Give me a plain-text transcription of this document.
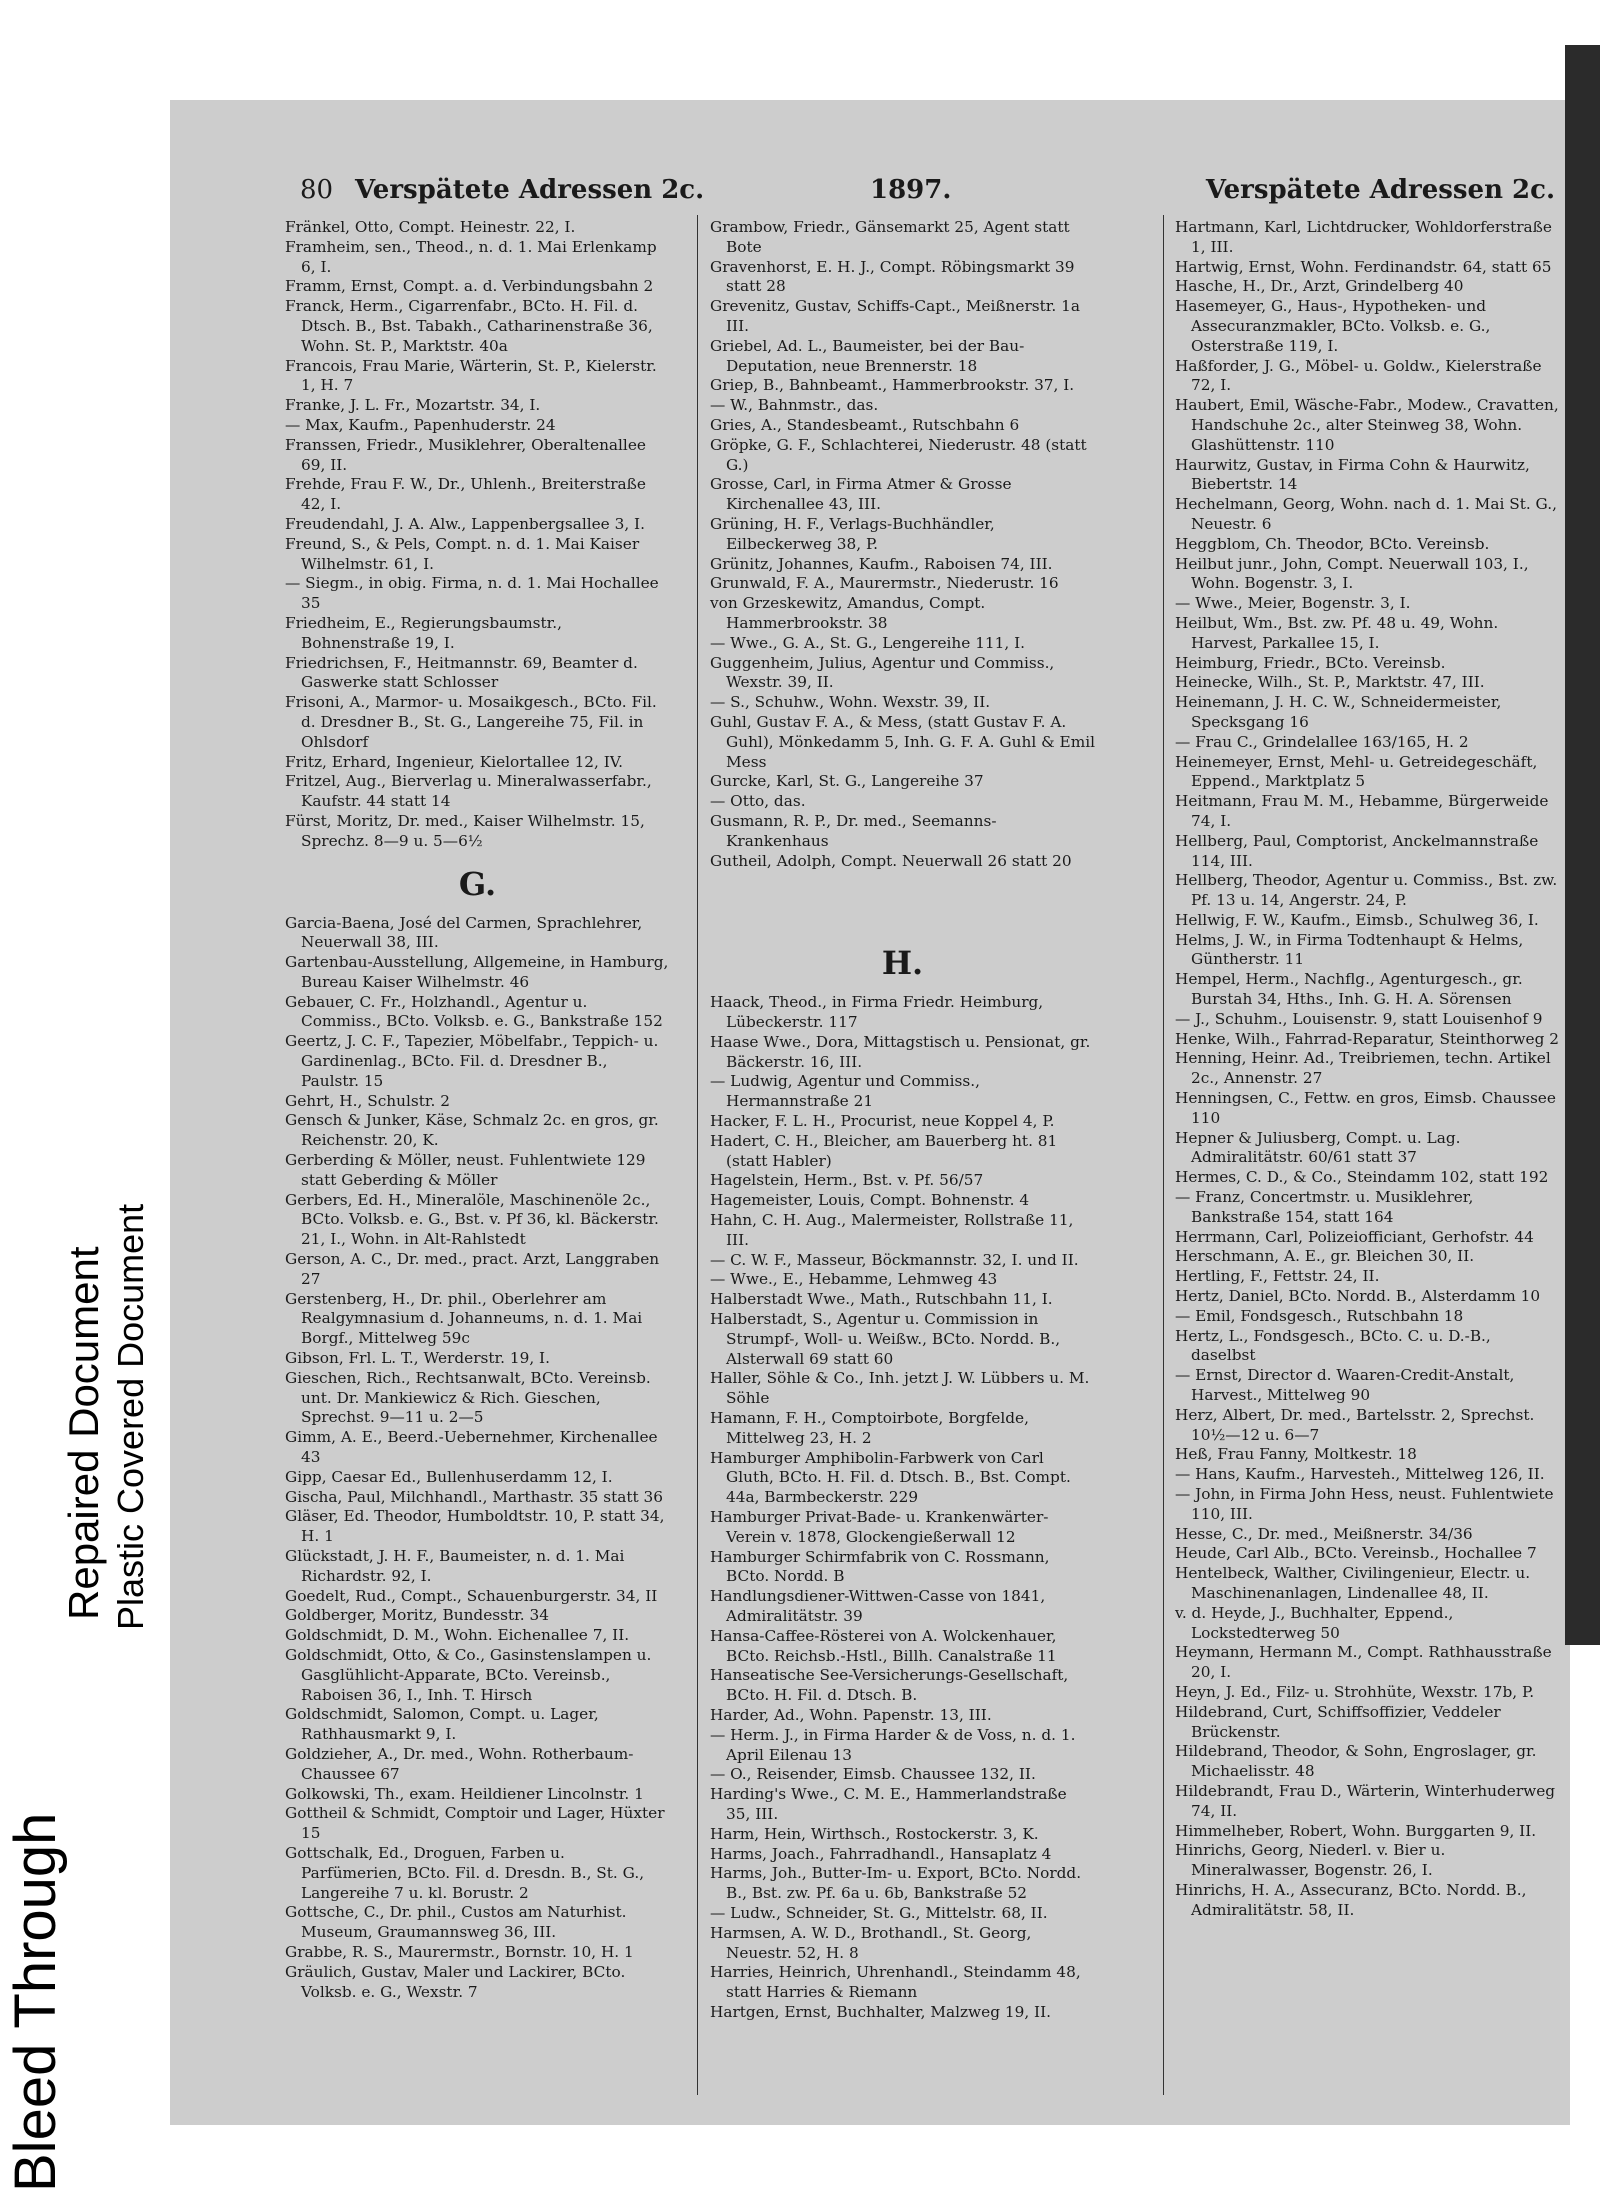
Bleed Through
Repaired Document Plastic Covered Document
80 Verspätete Adressen 2c.	1897.	Verspätete Adressen 2c.
Fränkel, Otto, Compt. Heinestr. 22, I.
Framheim, sen., Theod., n. d. 1. Mai Erlenkamp 6, I.
Framm, Ernst, Compt. a. d. Verbindungsbahn 2
Franck, Herm., Cigarrenfabr., BCto. H. Fil. d. Dtsch. B., Bst. Tabakh., Catharinenstraße 36, Wohn. St. P., Marktstr. 40a
Francois, Frau Marie, Wärterin, St. P., Kielerstr. 1, H. 7
Franke, J. L. Fr., Mozartstr. 34, I.
— Max, Kaufm., Papenhuderstr. 24
Franssen, Friedr., Musiklehrer, Oberaltenallee 69, II.
Frehde, Frau F. W., Dr., Uhlenh., Breiterstraße 42, I.
Freudendahl, J. A. Alw., Lappenbergsallee 3, I.
Freund, S., & Pels, Compt. n. d. 1. Mai Kaiser Wilhelmstr. 61, I.
— Siegm., in obig. Firma, n. d. 1. Mai Hochallee 35
Friedheim, E., Regierungsbaumstr., Bohnenstraße 19, I.
Friedrichsen, F., Heitmannstr. 69, Beamter d. Gaswerke statt Schlosser
Frisoni, A., Marmor- u. Mosaikgesch., BCto. Fil. d. Dresdner B., St. G., Langereihe 75, Fil. in Ohlsdorf
Fritz, Erhard, Ingenieur, Kielortallee 12, IV.
Fritzel, Aug., Bierverlag u. Mineralwasserfabr., Kaufstr. 44 statt 14
Fürst, Moritz, Dr. med., Kaiser Wilhelmstr. 15, Sprechz. 8—9 u. 5—6½
G.
Garcia-Baena, José del Carmen, Sprachlehrer, Neuerwall 38, III.
Gartenbau-Ausstellung, Allgemeine, in Hamburg, Bureau Kaiser Wilhelmstr. 46
Gebauer, C. Fr., Holzhandl., Agentur u. Commiss., BCto. Volksb. e. G., Bankstraße 152
Geertz, J. C. F., Tapezier, Möbelfabr., Teppich- u. Gardinenlag., BCto. Fil. d. Dresdner B., Paulstr. 15
Gehrt, H., Schulstr. 2
Gensch & Junker, Käse, Schmalz 2c. en gros, gr. Reichenstr. 20, K.
Gerberding & Möller, neust. Fuhlentwiete 129 statt Geberding & Möller
Gerbers, Ed. H., Mineralöle, Maschinenöle 2c., BCto. Volksb. e. G., Bst. v. Pf 36, kl. Bäckerstr. 21, I., Wohn. in Alt-Rahlstedt
Gerson, A. C., Dr. med., pract. Arzt, Langgraben 27
Gerstenberg, H., Dr. phil., Oberlehrer am Realgymnasium d. Johanneums, n. d. 1. Mai Borgf., Mittelweg 59c
Gibson, Frl. L. T., Werderstr. 19, I.
Gieschen, Rich., Rechtsanwalt, BCto. Vereinsb. unt. Dr. Mankiewicz & Rich. Gieschen, Sprechst. 9—11 u. 2—5
Gimm, A. E., Beerd.-Uebernehmer, Kirchenallee 43
Gipp, Caesar Ed., Bullenhuserdamm 12, I.
Gischa, Paul, Milchhandl., Marthastr. 35 statt 36
Gläser, Ed. Theodor, Humboldtstr. 10, P. statt 34, H. 1
Glückstadt, J. H. F., Baumeister, n. d. 1. Mai Richardstr. 92, I.
Goedelt, Rud., Compt., Schauenburgerstr. 34, II
Goldberger, Moritz, Bundesstr. 34
Goldschmidt, D. M., Wohn. Eichenallee 7, II.
Goldschmidt, Otto, & Co., Gasinstenslampen u. Gasglühlicht-Apparate, BCto. Vereinsb., Raboisen 36, I., Inh. T. Hirsch
Goldschmidt, Salomon, Compt. u. Lager, Rathhausmarkt 9, I.
Goldzieher, A., Dr. med., Wohn. Rotherbaum-Chaussee 67
Golkowski, Th., exam. Heildiener Lincolnstr. 1
Gottheil & Schmidt, Comptoir und Lager, Hüxter 15
Gottschalk, Ed., Droguen, Farben u. Parfümerien, BCto. Fil. d. Dresdn. B., St. G., Langereihe 7 u. kl. Borustr. 2
Gottsche, C., Dr. phil., Custos am Naturhist. Museum, Graumannsweg 36, III.
Grabbe, R. S., Maurermstr., Bornstr. 10, H. 1
Gräulich, Gustav, Maler und Lackirer, BCto. Volksb. e. G., Wexstr. 7
Grambow, Friedr., Gänsemarkt 25, Agent statt Bote
Gravenhorst, E. H. J., Compt. Röbingsmarkt 39 statt 28
Grevenitz, Gustav, Schiffs-Capt., Meißnerstr. 1a III.
Griebel, Ad. L., Baumeister, bei der Bau-Deputation, neue Brennerstr. 18
Griep, B., Bahnbeamt., Hammerbrookstr. 37, I.
— W., Bahnmstr., das.
Gries, A., Standesbeamt., Rutschbahn 6
Gröpke, G. F., Schlachterei, Niederustr. 48 (statt G.)
Grosse, Carl, in Firma Atmer & Grosse Kirchenallee 43, III.
Grüning, H. F., Verlags-Buchhändler, Eilbeckerweg 38, P.
Grünitz, Johannes, Kaufm., Raboisen 74, III.
Grunwald, F. A., Maurermstr., Niederustr. 16
von Grzeskewitz, Amandus, Compt. Hammerbrookstr. 38
— Wwe., G. A., St. G., Lengereihe 111, I.
Guggenheim, Julius, Agentur und Commiss., Wexstr. 39, II.
— S., Schuhw., Wohn. Wexstr. 39, II.
Guhl, Gustav F. A., & Mess, (statt Gustav F. A. Guhl), Mönkedamm 5, Inh. G. F. A. Guhl & Emil Mess
Gurcke, Karl, St. G., Langereihe 37
— Otto, das.
Gusmann, R. P., Dr. med., Seemanns-Krankenhaus
Gutheil, Adolph, Compt. Neuerwall 26 statt 20
H.
Haack, Theod., in Firma Friedr. Heimburg, Lübeckerstr. 117
Haase Wwe., Dora, Mittagstisch u. Pensionat, gr. Bäckerstr. 16, III.
— Ludwig, Agentur und Commiss., Hermannstraße 21
Hacker, F. L. H., Procurist, neue Koppel 4, P.
Hadert, C. H., Bleicher, am Bauerberg ht. 81 (statt Habler)
Hagelstein, Herm., Bst. v. Pf. 56/57
Hagemeister, Louis, Compt. Bohnenstr. 4
Hahn, C. H. Aug., Malermeister, Rollstraße 11, III.
— C. W. F., Masseur, Böckmannstr. 32, I. und II.
— Wwe., E., Hebamme, Lehmweg 43
Halberstadt Wwe., Math., Rutschbahn 11, I.
Halberstadt, S., Agentur u. Commission in Strumpf-, Woll- u. Weißw., BCto. Nordd. B., Alsterwall 69 statt 60
Haller, Söhle & Co., Inh. jetzt J. W. Lübbers u. M. Söhle
Hamann, F. H., Comptoirbote, Borgfelde, Mittelweg 23, H. 2
Hamburger Amphibolin-Farbwerk von Carl Gluth, BCto. H. Fil. d. Dtsch. B., Bst. Compt. 44a, Barmbeckerstr. 229
Hamburger Privat-Bade- u. Krankenwärter-Verein v. 1878, Glockengießerwall 12
Hamburger Schirmfabrik von C. Rossmann, BCto. Nordd. B
Handlungsdiener-Wittwen-Casse von 1841, Admiralitätstr. 39
Hansa-Caffee-Rösterei von A. Wolckenhauer, BCto. Reichsb.-Hstl., Billh. Canalstraße 11
Hanseatische See-Versicherungs-Gesellschaft, BCto. H. Fil. d. Dtsch. B.
Harder, Ad., Wohn. Papenstr. 13, III.
— Herm. J., in Firma Harder & de Voss, n. d. 1. April Eilenau 13
— O., Reisender, Eimsb. Chaussee 132, II.
Harding's Wwe., C. M. E., Hammerlandstraße 35, III.
Harm, Hein, Wirthsch., Rostockerstr. 3, K.
Harms, Joach., Fahrradhandl., Hansaplatz 4
Harms, Joh., Butter-Im- u. Export, BCto. Nordd. B., Bst. zw. Pf. 6a u. 6b, Bankstraße 52
— Ludw., Schneider, St. G., Mittelstr. 68, II.
Harmsen, A. W. D., Brothandl., St. Georg, Neuestr. 52, H. 8
Harries, Heinrich, Uhrenhandl., Steindamm 48, statt Harries & Riemann
Hartgen, Ernst, Buchhalter, Malzweg 19, II.
Hartmann, Karl, Lichtdrucker, Wohldorferstraße 1, III.
Hartwig, Ernst, Wohn. Ferdinandstr. 64, statt 65
Hasche, H., Dr., Arzt, Grindelberg 40
Hasemeyer, G., Haus-, Hypotheken- und Assecuranzmakler, BCto. Volksb. e. G., Osterstraße 119, I.
Haßforder, J. G., Möbel- u. Goldw., Kielerstraße 72, I.
Haubert, Emil, Wäsche-Fabr., Modew., Cravatten, Handschuhe 2c., alter Steinweg 38, Wohn. Glashüttenstr. 110
Haurwitz, Gustav, in Firma Cohn & Haurwitz, Biebertstr. 14
Hechelmann, Georg, Wohn. nach d. 1. Mai St. G., Neuestr. 6
Heggblom, Ch. Theodor, BCto. Vereinsb.
Heilbut junr., John, Compt. Neuerwall 103, I., Wohn. Bogenstr. 3, I.
— Wwe., Meier, Bogenstr. 3, I.
Heilbut, Wm., Bst. zw. Pf. 48 u. 49, Wohn. Harvest, Parkallee 15, I.
Heimburg, Friedr., BCto. Vereinsb.
Heinecke, Wilh., St. P., Marktstr. 47, III.
Heinemann, J. H. C. W., Schneidermeister, Specksgang 16
— Frau C., Grindelallee 163/165, H. 2
Heinemeyer, Ernst, Mehl- u. Getreidegeschäft, Eppend., Marktplatz 5
Heitmann, Frau M. M., Hebamme, Bürgerweide 74, I.
Hellberg, Paul, Comptorist, Anckelmannstraße 114, III.
Hellberg, Theodor, Agentur u. Commiss., Bst. zw. Pf. 13 u. 14, Angerstr. 24, P.
Hellwig, F. W., Kaufm., Eimsb., Schulweg 36, I.
Helms, J. W., in Firma Todtenhaupt & Helms, Güntherstr. 11
Hempel, Herm., Nachflg., Agenturgesch., gr. Burstah 34, Hths., Inh. G. H. A. Sörensen
— J., Schuhm., Louisenstr. 9, statt Louisenhof 9
Henke, Wilh., Fahrrad-Reparatur, Steinthorweg 2
Henning, Heinr. Ad., Treibriemen, techn. Artikel 2c., Annenstr. 27
Henningsen, C., Fettw. en gros, Eimsb. Chaussee 110
Hepner & Juliusberg, Compt. u. Lag. Admiralitätstr. 60/61 statt 37
Hermes, C. D., & Co., Steindamm 102, statt 192
— Franz, Concertmstr. u. Musiklehrer, Bankstraße 154, statt 164
Herrmann, Carl, Polizeiofficiant, Gerhofstr. 44
Herschmann, A. E., gr. Bleichen 30, II.
Hertling, F., Fettstr. 24, II.
Hertz, Daniel, BCto. Nordd. B., Alsterdamm 10
— Emil, Fondsgesch., Rutschbahn 18
Hertz, L., Fondsgesch., BCto. C. u. D.-B., daselbst
— Ernst, Director d. Waaren-Credit-Anstalt, Harvest., Mittelweg 90
Herz, Albert, Dr. med., Bartelsstr. 2, Sprechst. 10½—12 u. 6—7
Heß, Frau Fanny, Moltkestr. 18
— Hans, Kaufm., Harvesteh., Mittelweg 126, II.
— John, in Firma John Hess, neust. Fuhlentwiete 110, III.
Hesse, C., Dr. med., Meißnerstr. 34/36
Heude, Carl Alb., BCto. Vereinsb., Hochallee 7
Hentelbeck, Walther, Civilingenieur, Electr. u. Maschinenanlagen, Lindenallee 48, II.
v. d. Heyde, J., Buchhalter, Eppend., Lockstedterweg 50
Heymann, Hermann M., Compt. Rathhausstraße 20, I.
Heyn, J. Ed., Filz- u. Strohhüte, Wexstr. 17b, P.
Hildebrand, Curt, Schiffsoffizier, Veddeler Brückenstr.
Hildebrand, Theodor, & Sohn, Engroslager, gr. Michaelisstr. 48
Hildebrandt, Frau D., Wärterin, Winterhuderweg 74, II.
Himmelheber, Robert, Wohn. Burggarten 9, II.
Hinrichs, Georg, Niederl. v. Bier u. Mineralwasser, Bogenstr. 26, I.
Hinrichs, H. A., Assecuranz, BCto. Nordd. B., Admiralitätstr. 58, II.
